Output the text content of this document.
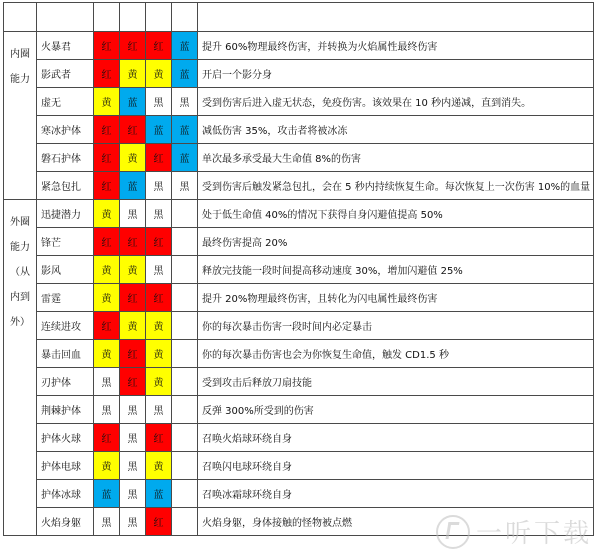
内圈
能力	火暴君	红	红	红	蓝	提升 60%物理最终伤害，并转换为火焰属性最终伤害
	影武者	红	黄	黄	蓝	开启一个影分身
	虚无	黄	蓝	黑	黑	受到伤害后进入虚无状态，免疫伤害。该效果在 10 秒内递减，直到消失。
	寒冰护体	红	红	蓝	蓝	减低伤害 35%，攻击者将被冰冻
	磐石护体	红	黄	红	蓝	单次最多承受最大生命值 8%的伤害
	紧急包扎	红	蓝	黑	黑	受到伤害后触发紧急包扎，会在 5 秒内持续恢复生命。每次恢复上一次伤害 10%的血量

外圈
能力
（从
内到
外）	迅捷潜力	黄	黑	黑		处于低生命值 40%的情况下获得自身闪避值提高 50%
	锋芒	红	红	红		最终伤害提高 20%
	影风	黄	黄	黑		释放完技能一段时间提高移动速度 30%，增加闪避值 25%
	雷霆	黄	红	红		提升 20%物理最终伤害，且转化为闪电属性最终伤害
	连续进攻	红	黄	黄		你的每次暴击伤害一段时间内必定暴击
	暴击回血	黄	红	黄		你的每次暴击伤害也会为你恢复生命值，触发 CD1.5 秒
	刃护体	黑	红	黄		受到攻击后释放刀扇技能
	荆棘护体	黑	黑	黑		反弹 300%所受到的伤害
	护体火球	红	黑	红		召唤火焰球环绕自身
	护体电球	黄	黑	黄		召唤闪电球环绕自身
	护体冰球	蓝	黑	蓝		召唤冰霜球环绕自身
	火焰身躯	黑	黑	红		火焰身躯，身体接触的怪物被点燃	一听下载
